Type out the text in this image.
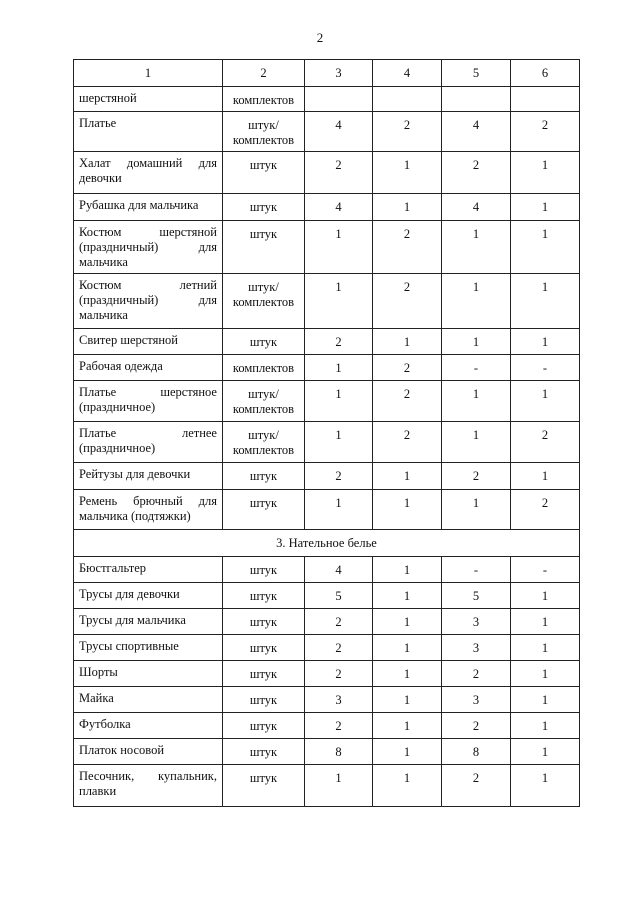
2
1	2	3	4	5	6
шерстяной	комплектов				
Платье	штук/ комплектов	4	2	4	2
Халат домашний для девочки	штук	2	1	2	1
Рубашка для мальчика	штук	4	1	4	1
Костюм шерстяной (праздничный) для мальчика	штук	1	2	1	1
Костюм летний (праздничный) для мальчика	штук/ комплектов	1	2	1	1
Свитер шерстяной	штук	2	1	1	1
Рабочая одежда	комплектов	1	2	-	-
Платье шерстяное (праздничное)	штук/ комплектов	1	2	1	1
Платье летнее (праздничное)	штук/ комплектов	1	2	1	2
Рейтузы для девочки	штук	2	1	2	1
Ремень брючный для мальчика (подтяжки)	штук	1	1	1	2
3. Нательное белье					
Бюстгальтер	штук	4	1	-	-
Трусы для девочки	штук	5	1	5	1
Трусы для мальчика	штук	2	1	3	1
Трусы спортивные	штук	2	1	3	1
Шорты	штук	2	1	2	1
Майка	штук	3	1	3	1
Футболка	штук	2	1	2	1
Платок носовой	штук	8	1	8	1
Песочник, купальник, плавки	штук	1	1	2	1
